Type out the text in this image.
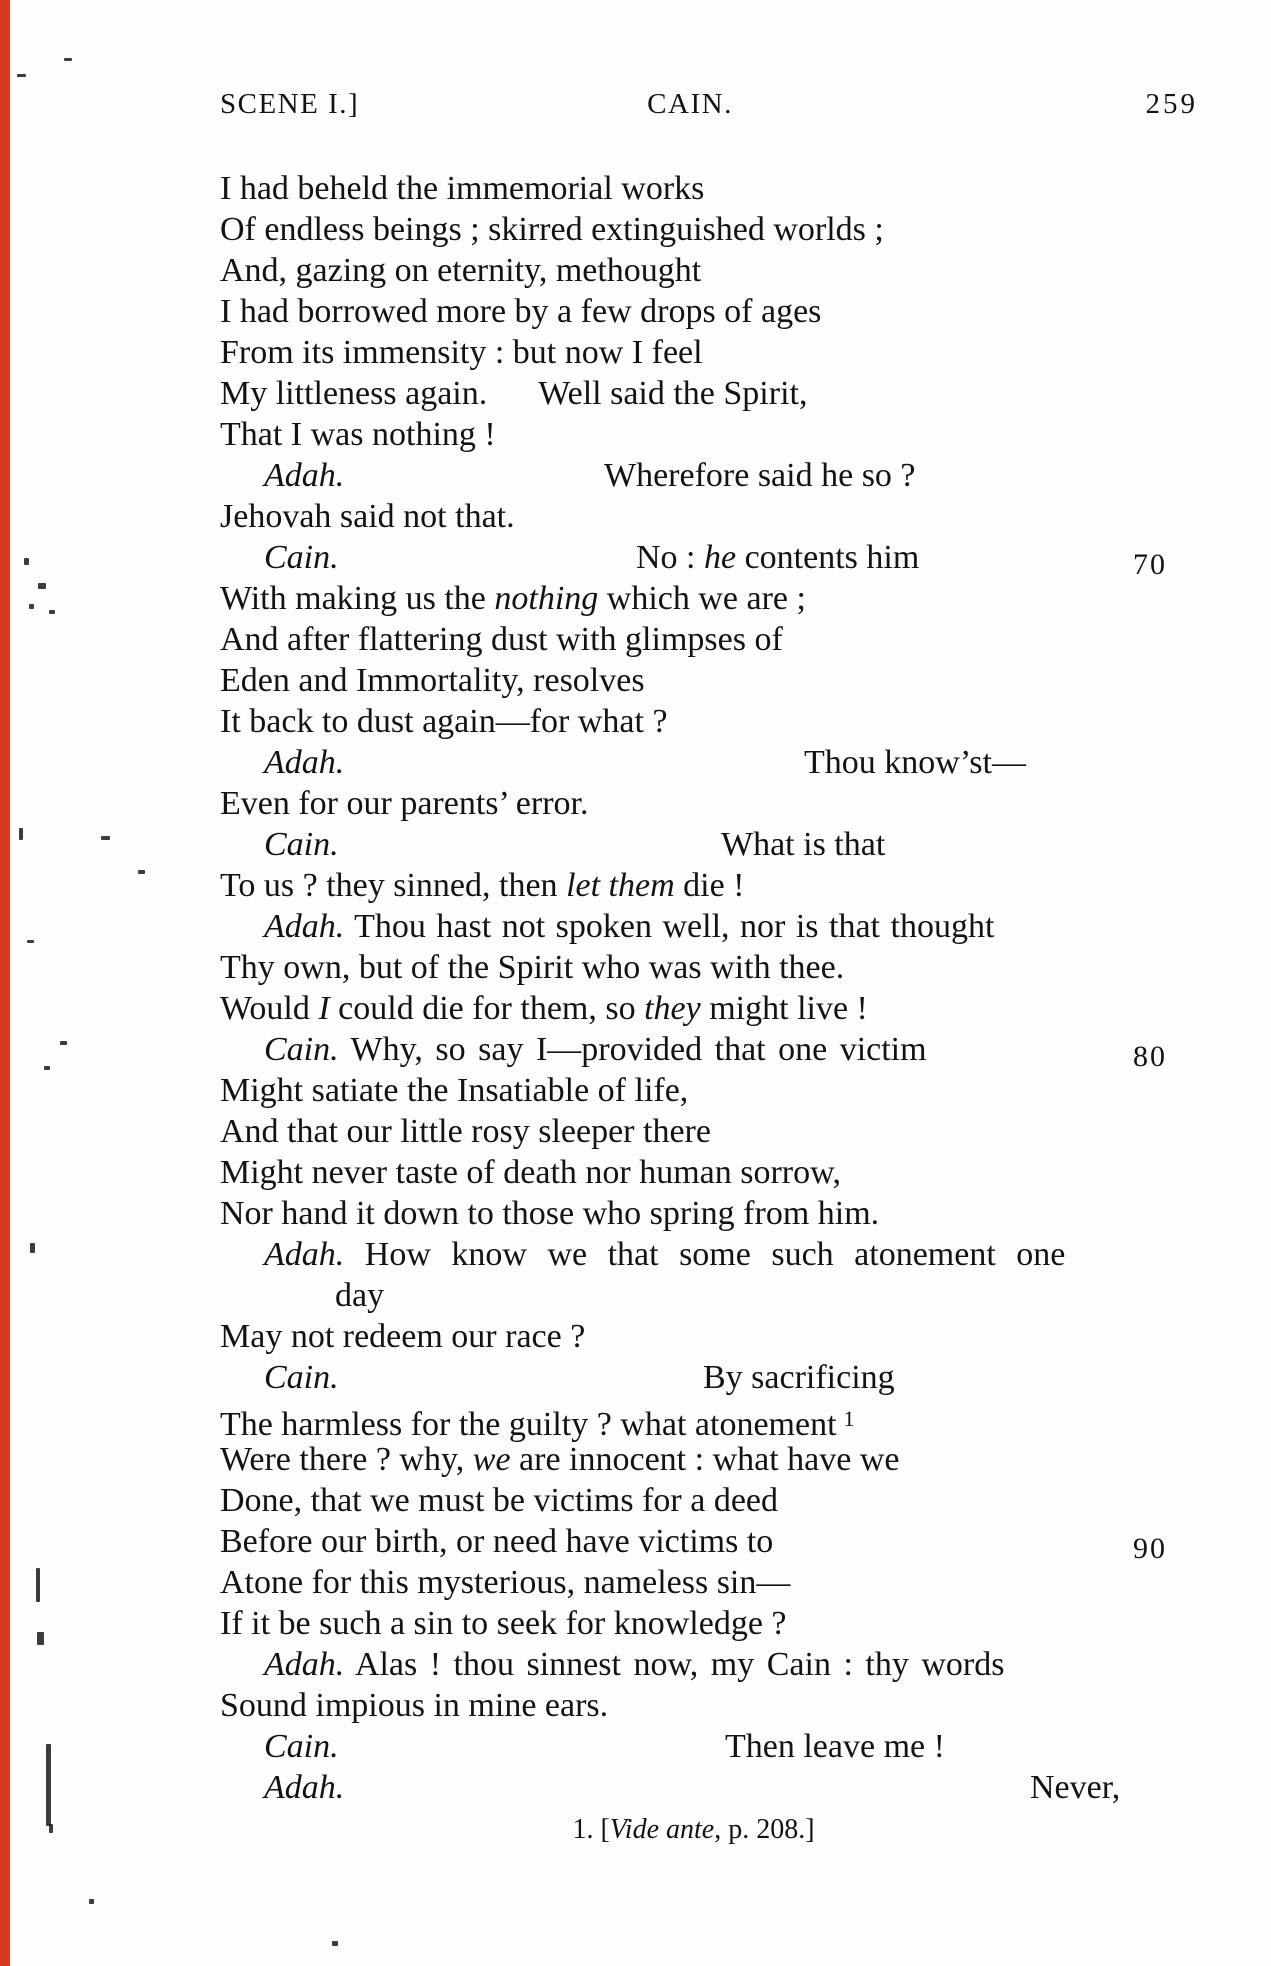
SCENE I.]	CAIN.	259
I had beheld the immemorial works
Of endless beings ; skirred extinguished worlds ;
And, gazing on eternity, methought
I had borrowed more by a few drops of ages
From its immensity : but now I feel
My littleness again.  Well said the Spirit,
That I was nothing !
Adah.	Wherefore said he so ?
Jehovah said not that.
Cain.	No : he contents him	70
With making us the nothing which we are ;
And after flattering dust with glimpses of
Eden and Immortality, resolves
It back to dust again—for what ?
Adah.	Thou know’st—
Even for our parents’ error.
Cain.	What is that
To us ? they sinned, then let them die !
Adah. Thou hast not spoken well, nor is that thought
Thy own, but of the Spirit who was with thee.
Would I could die for them, so they might live !
Cain. Why, so say I—provided that one victim	80
Might satiate the Insatiable of life,
And that our little rosy sleeper there
Might never taste of death nor human sorrow,
Nor hand it down to those who spring from him.
Adah. How know we that some such atonement one
day
May not redeem our race ?
Cain.	By sacrificing
The harmless for the guilty ? what atonement $^1$
Were there ? why, we are innocent : what have we
Done, that we must be victims for a deed
Before our birth, or need have victims to	90
Atone for this mysterious, nameless sin—
If it be such a sin to seek for knowledge ?
Adah. Alas ! thou sinnest now, my Cain : thy words
Sound impious in mine ears.
Cain.	Then leave me !
Adah.	Never,
1. [Vide ante, p. 208.]
